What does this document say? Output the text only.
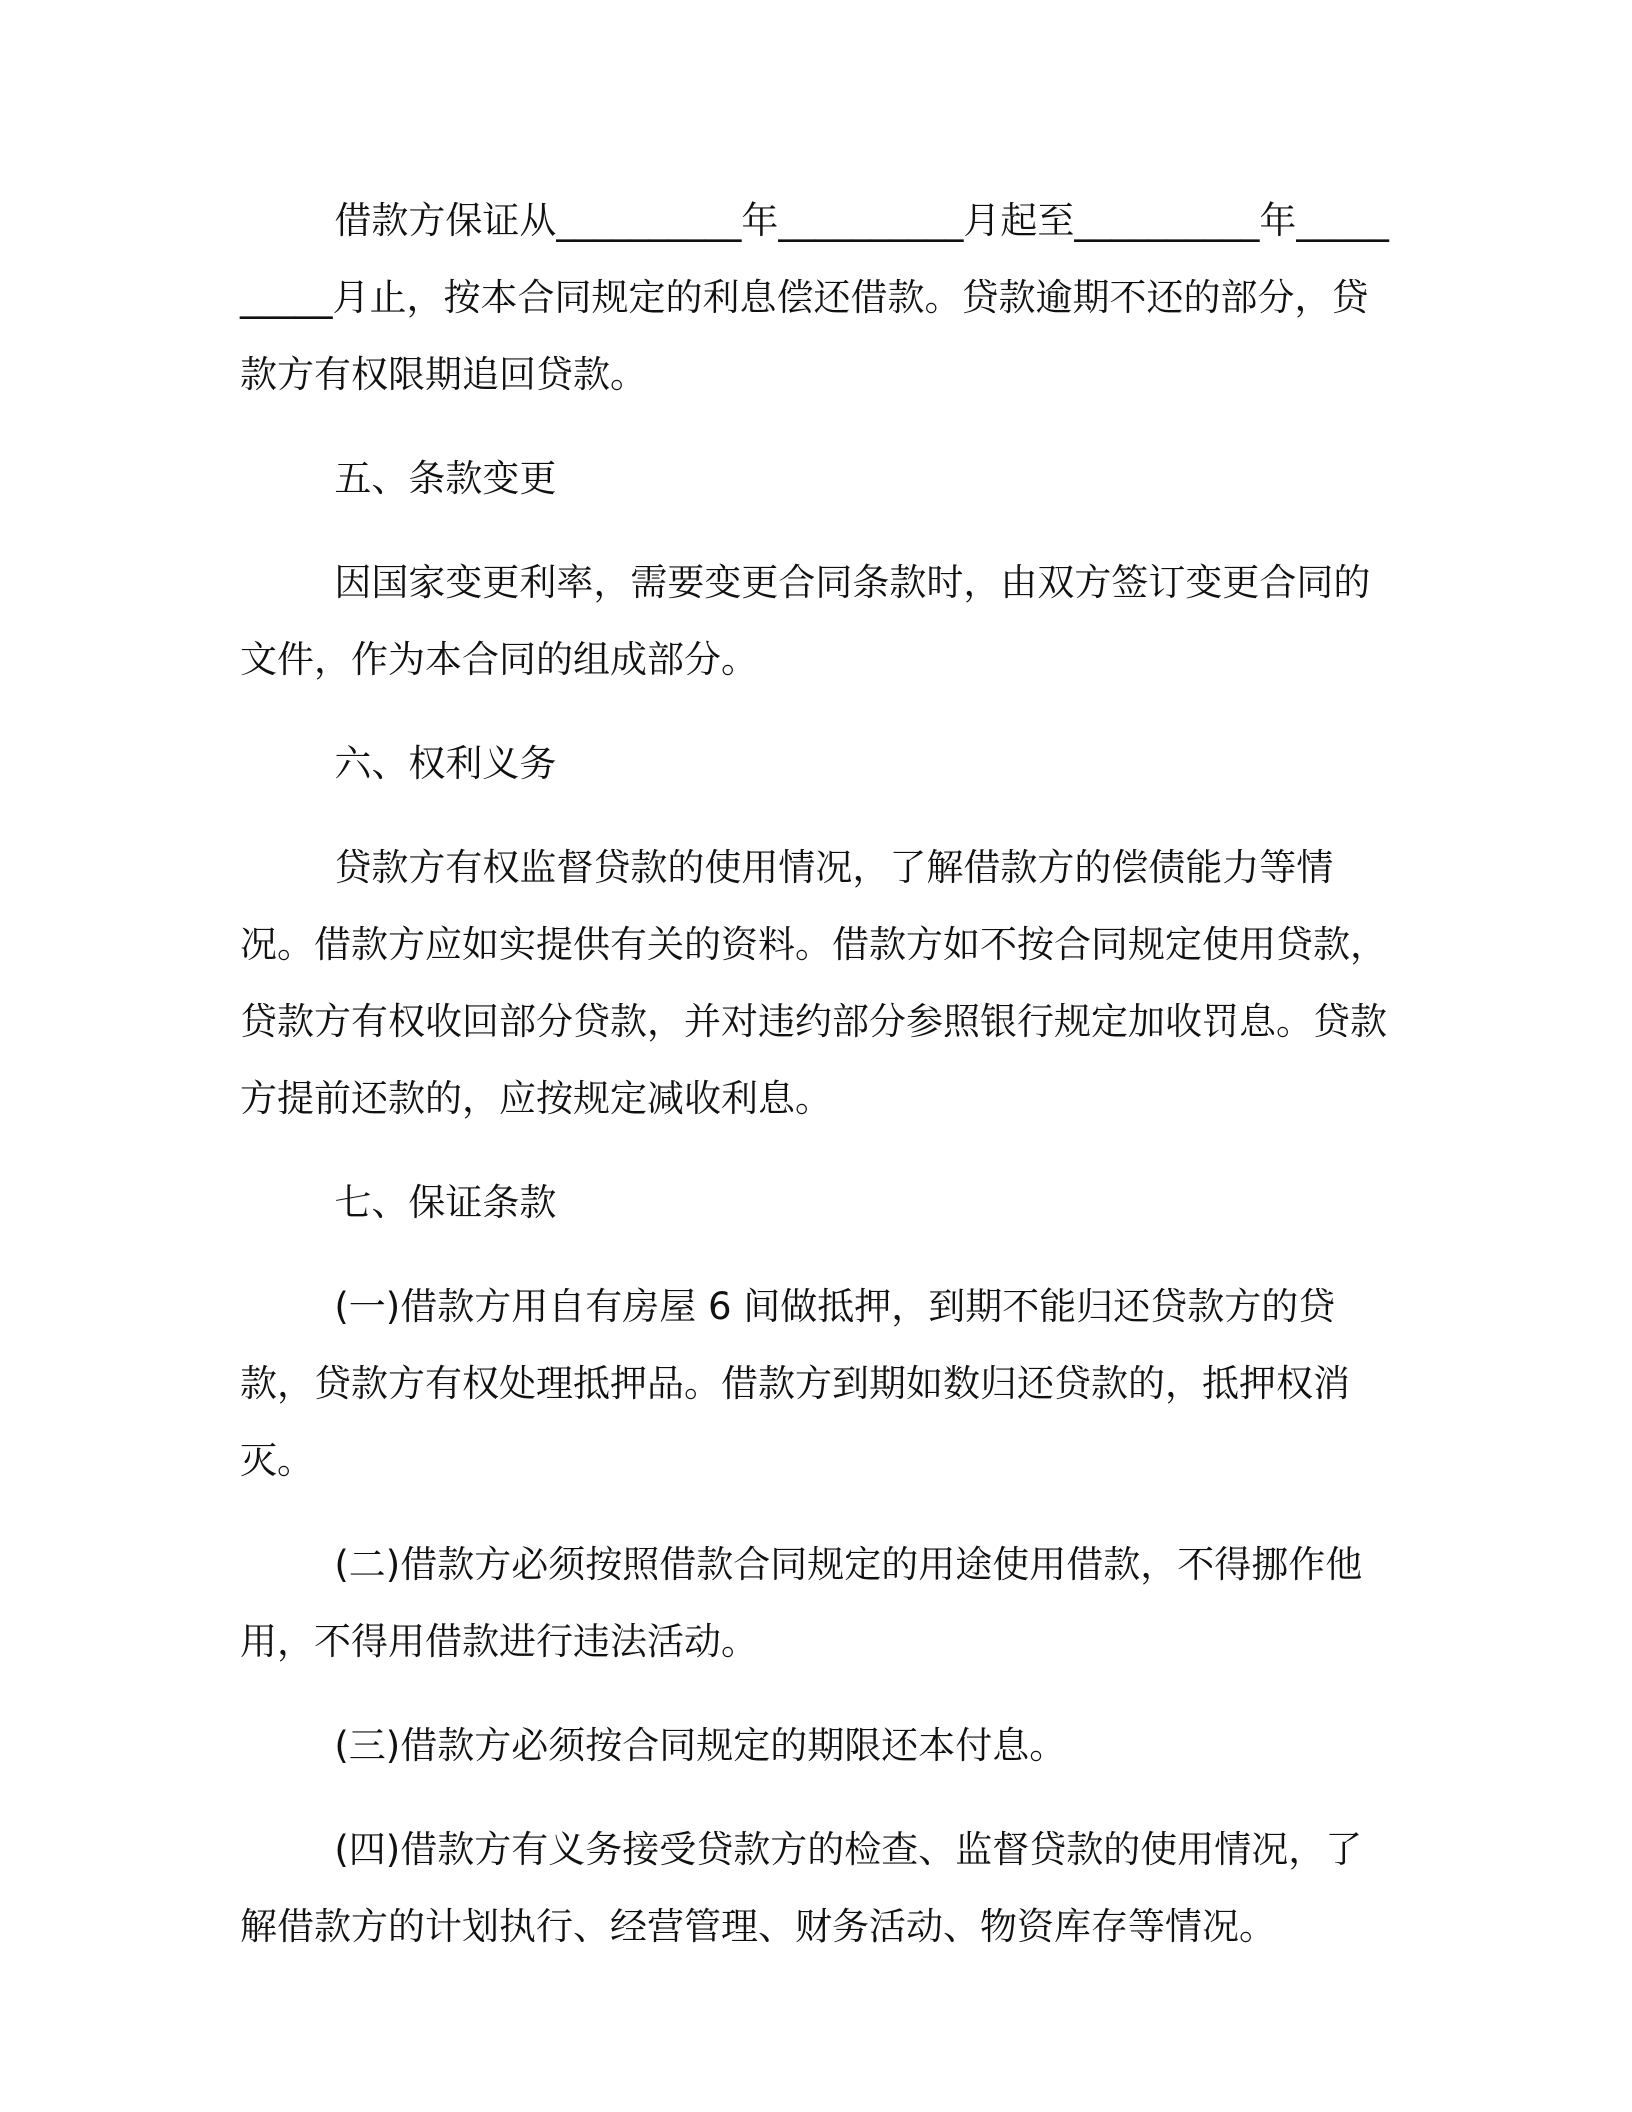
借款方保证从__________年__________月起至__________年__________月止，按本合同规定的利息偿还借款。贷款逾期不还的部分，贷款方有权限期追回贷款。

五、条款变更

因国家变更利率，需要变更合同条款时，由双方签订变更合同的文件，作为本合同的组成部分。

六、权利义务

贷款方有权监督贷款的使用情况，了解借款方的偿债能力等情况。借款方应如实提供有关的资料。借款方如不按合同规定使用贷款，贷款方有权收回部分贷款，并对违约部分参照银行规定加收罚息。贷款方提前还款的，应按规定减收利息。

七、保证条款

(一)借款方用自有房屋 6 间做抵押，到期不能归还贷款方的贷款，贷款方有权处理抵押品。借款方到期如数归还贷款的，抵押权消灭。

(二)借款方必须按照借款合同规定的用途使用借款，不得挪作他用，不得用借款进行违法活动。

(三)借款方必须按合同规定的期限还本付息。

(四)借款方有义务接受贷款方的检查、监督贷款的使用情况，了解借款方的计划执行、经营管理、财务活动、物资库存等情况。
